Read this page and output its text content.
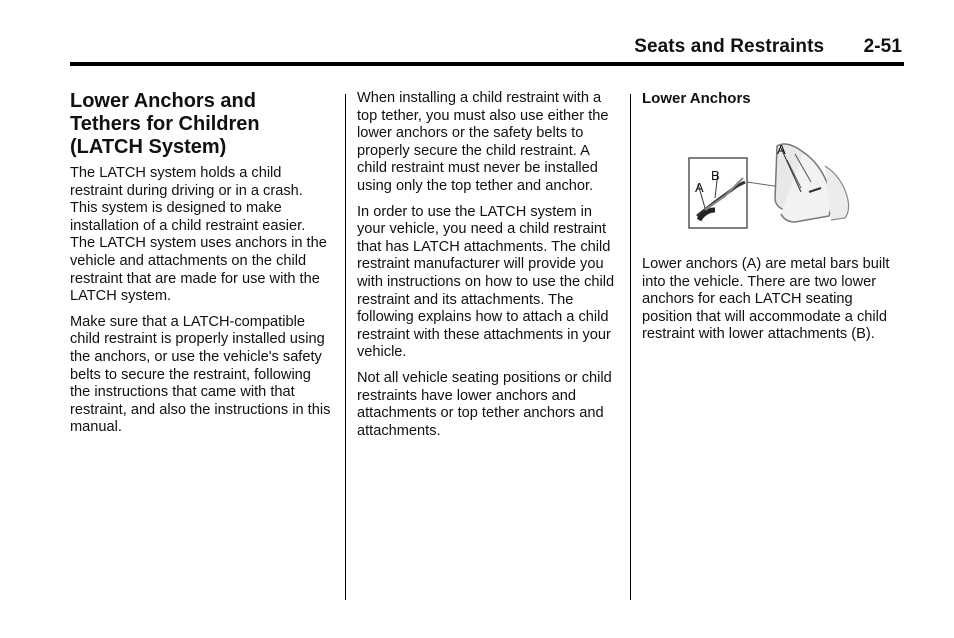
Seats and Restraints 2-51
Lower Anchors and Tethers for Children (LATCH System)

The LATCH system holds a child restraint during driving or in a crash. This system is designed to make installation of a child restraint easier. The LATCH system uses anchors in the vehicle and attachments on the child restraint that are made for use with the LATCH system.

Make sure that a LATCH-compatible child restraint is properly installed using the anchors, or use the vehicle's safety belts to secure the restraint, following the instructions that came with that restraint, and also the instructions in this manual.

When installing a child restraint with a top tether, you must also use either the lower anchors or the safety belts to properly secure the child restraint. A child restraint must never be installed using only the top tether and anchor.

In order to use the LATCH system in your vehicle, you need a child restraint that has LATCH attachments. The child restraint manufacturer will provide you with instructions on how to use the child restraint and its attachments. The following explains how to attach a child restraint with these attachments in your vehicle.

Not all vehicle seating positions or child restraints have lower anchors and attachments or top tether anchors and attachments.

Lower Anchors

Lower anchors (A) are metal bars built into the vehicle. There are two lower anchors for each LATCH seating position that will accommodate a child restraint with lower attachments (B).

A
B
A
